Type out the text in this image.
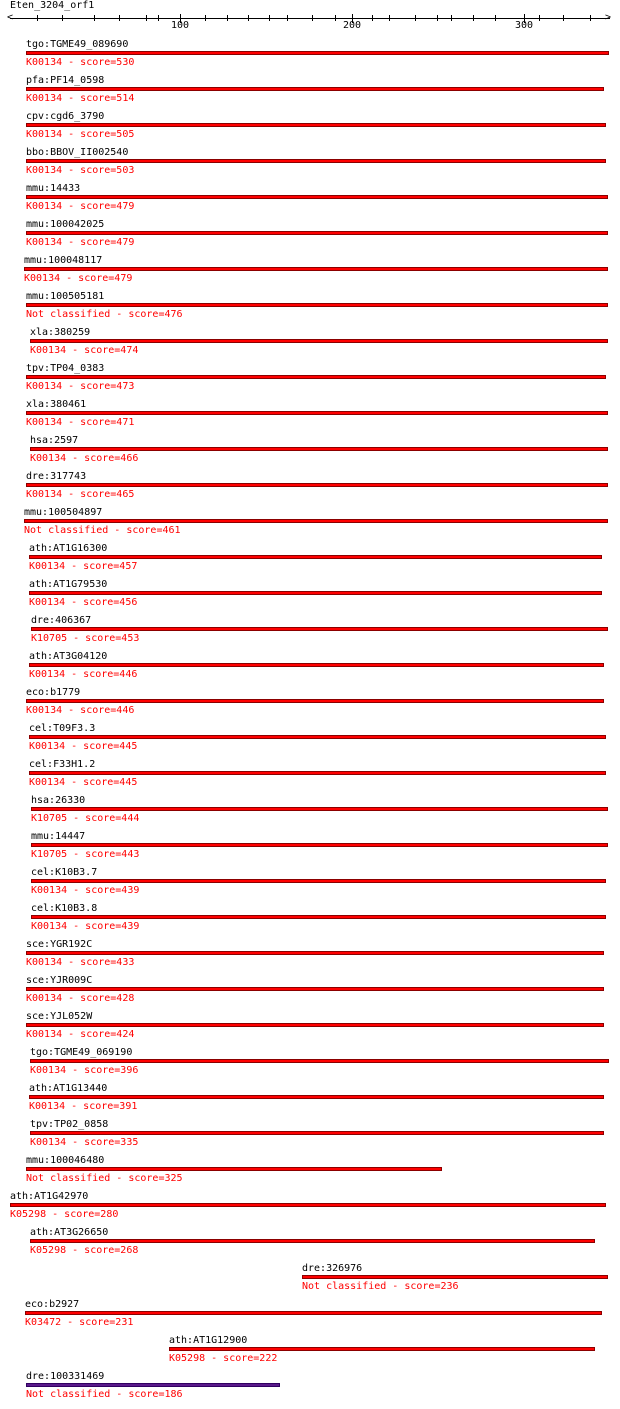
Eten_3204_orf1
<	>
100	200	300
tgo:TGME49_089690
K00134 - score=530
pfa:PF14_0598
K00134 - score=514
cpv:cgd6_3790
K00134 - score=505
bbo:BBOV_II002540
K00134 - score=503
mmu:14433
K00134 - score=479
mmu:100042025
K00134 - score=479
mmu:100048117
K00134 - score=479
mmu:100505181
Not classified - score=476
xla:380259
K00134 - score=474
tpv:TP04_0383
K00134 - score=473
xla:380461
K00134 - score=471
hsa:2597
K00134 - score=466
dre:317743
K00134 - score=465
mmu:100504897
Not classified - score=461
ath:AT1G16300
K00134 - score=457
ath:AT1G79530
K00134 - score=456
dre:406367
K10705 - score=453
ath:AT3G04120
K00134 - score=446
eco:b1779
K00134 - score=446
cel:T09F3.3
K00134 - score=445
cel:F33H1.2
K00134 - score=445
hsa:26330
K10705 - score=444
mmu:14447
K10705 - score=443
cel:K10B3.7
K00134 - score=439
cel:K10B3.8
K00134 - score=439
sce:YGR192C
K00134 - score=433
sce:YJR009C
K00134 - score=428
sce:YJL052W
K00134 - score=424
tgo:TGME49_069190
K00134 - score=396
ath:AT1G13440
K00134 - score=391
tpv:TP02_0858
K00134 - score=335
mmu:100046480
Not classified - score=325
ath:AT1G42970
K05298 - score=280
ath:AT3G26650
K05298 - score=268
dre:326976
Not classified - score=236
eco:b2927
K03472 - score=231
ath:AT1G12900
K05298 - score=222
dre:100331469
Not classified - score=186
